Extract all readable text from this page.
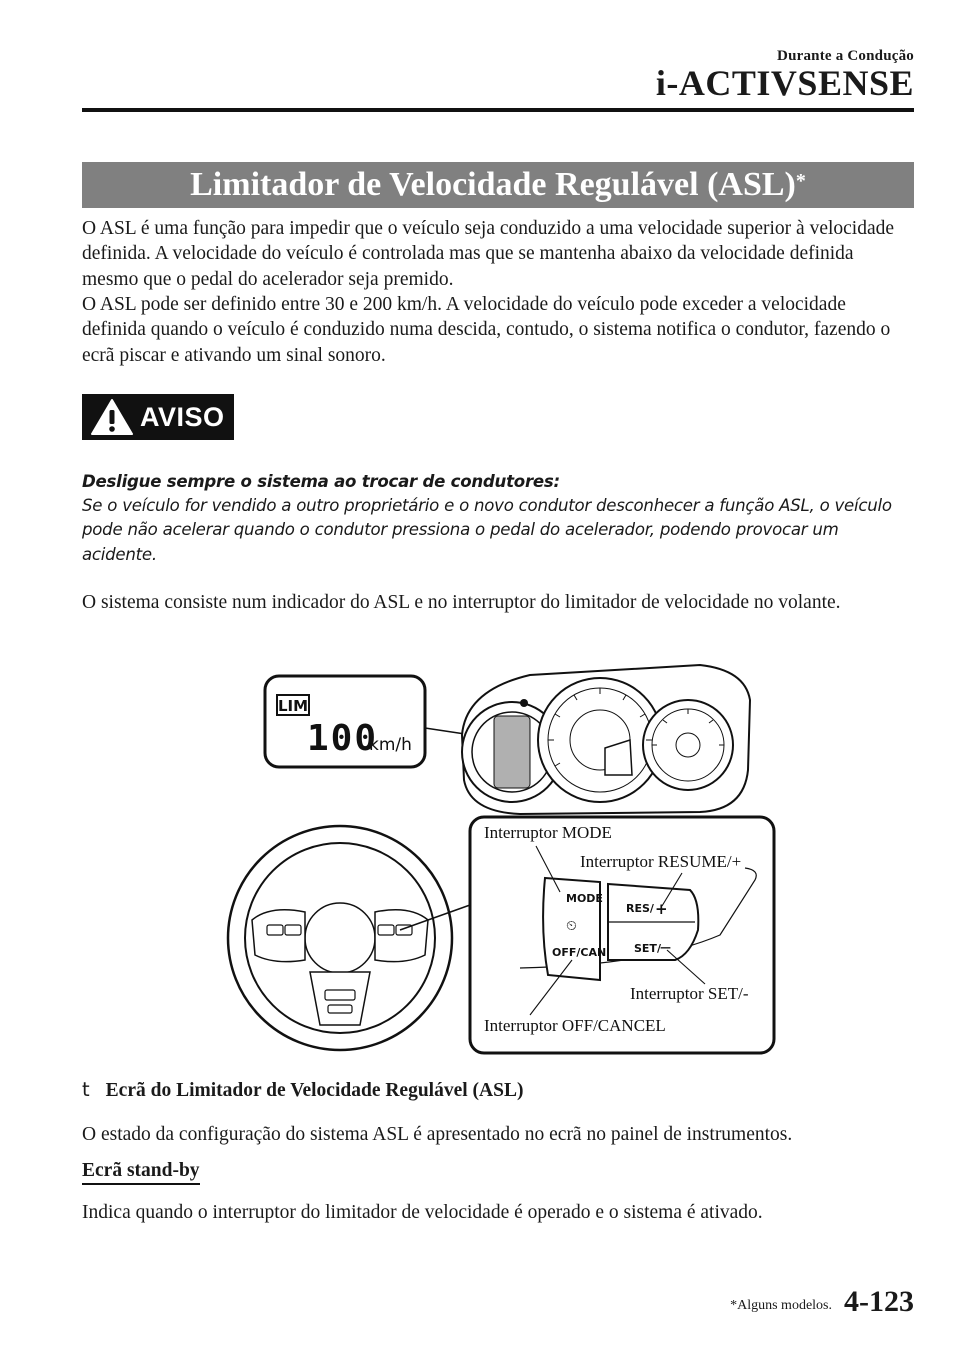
Durante a Condução
i-ACTIVSENSE
Limitador de Velocidade Regulável (ASL)*
O ASL é uma função para impedir que o veículo seja conduzido a uma velocidade superior à velocidade definida. A velocidade do veículo é controlada mas que se mantenha abaixo da velocidade definida mesmo que o pedal do acelerador seja premido.
O ASL pode ser definido entre 30 e 200 km/h. A velocidade do veículo pode exceder a velocidade definida quando o veículo é conduzido numa descida, contudo, o sistema notifica o condutor, fazendo o ecrã piscar e ativando um sinal sonoro.
AVISO
Desligue sempre o sistema ao trocar de condutores:
Se o veículo for vendido a outro proprietário e o novo condutor desconhecer a função ASL, o veículo pode não acelerar quando o condutor pressiona o pedal do acelerador, podendo provocar um acidente.
O sistema consiste num indicador do ASL e no interruptor do limitador de velocidade no volante.
LIM
100
km/h
MODE
⏲
OFF/CAN
RES/ +
SET/ —
Interruptor MODE
Interruptor RESUME/+
Interruptor SET/-
Interruptor OFF/CANCEL
t Ecrã do Limitador de Velocidade Regulável (ASL)
O estado da configuração do sistema ASL é apresentado no ecrã no painel de instrumentos.
Ecrã stand-by
Indica quando o interruptor do limitador de velocidade é operado e o sistema é ativado.
*Alguns modelos. 4-123
